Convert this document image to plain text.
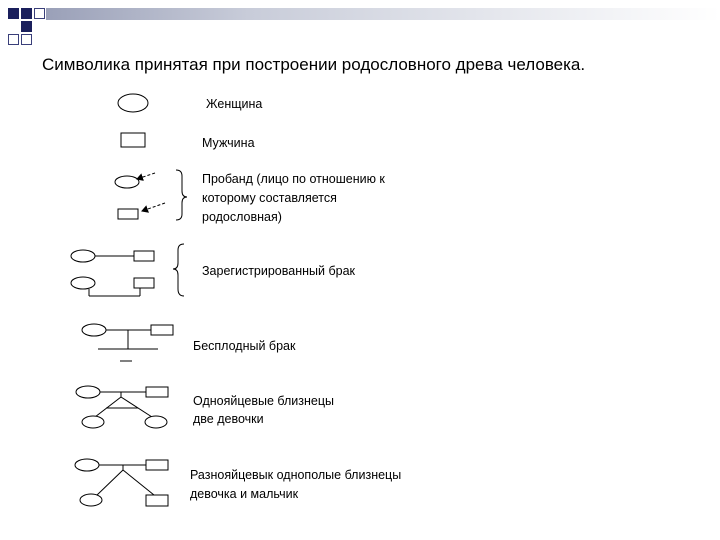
Символика принятая при построении родословного древа человека.
Женщина
Мужчина
Пробанд (лицо по отношению к
которому составляется
родословная)
Зарегистрированный брак
Бесплодный брак
Однояйцевые близнецы
две девочки
Разнояйцевык однополые близнецы
девочка и мальчик
